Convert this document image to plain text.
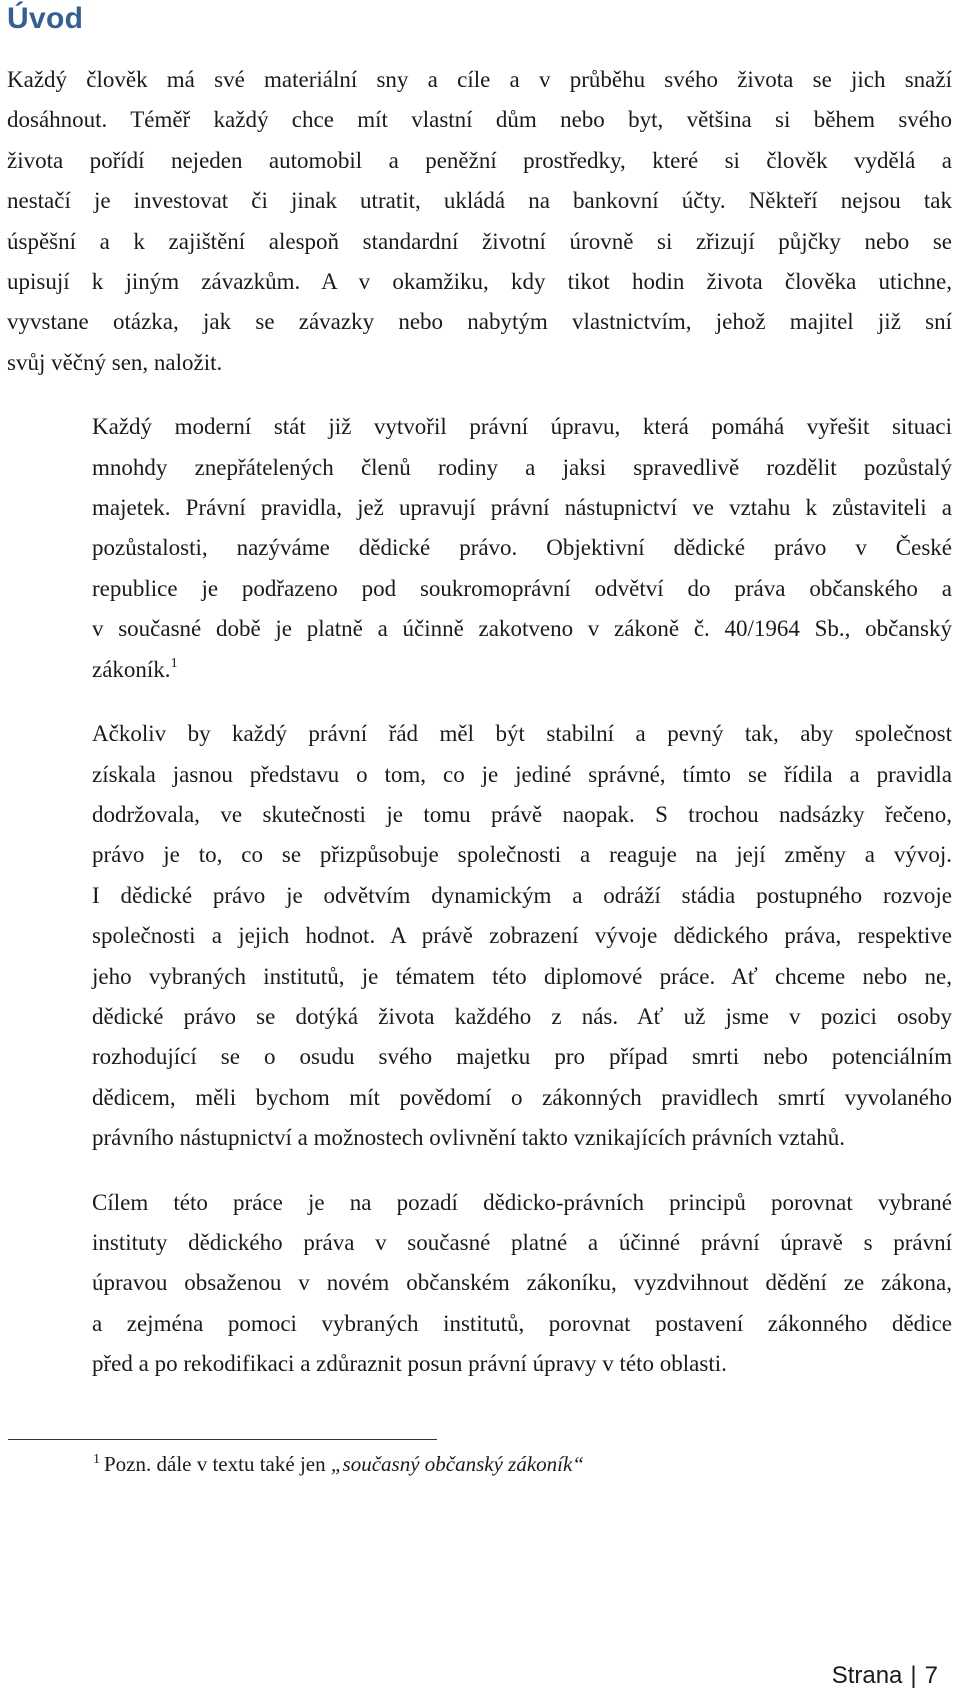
Úvod

Každý člověk má své materiální sny a cíle a v průběhu svého života se jich snaží
dosáhnout. Téměř každý chce mít vlastní dům nebo byt, většina si během svého
života pořídí nejeden automobil a peněžní prostředky, které si člověk vydělá a
nestačí je investovat či jinak utratit, ukládá na bankovní účty. Někteří nejsou tak
úspěšní a k zajištění alespoň standardní životní úrovně si zřizují půjčky nebo se
upisují k jiným závazkům. A v okamžiku, kdy tikot hodin života člověka utichne,
vyvstane otázka, jak se závazky nebo nabytým vlastnictvím, jehož majitel již sní
svůj věčný sen, naložit.

Každý moderní stát již vytvořil právní úpravu, která pomáhá vyřešit situaci
mnohdy znepřátelených členů rodiny a jaksi spravedlivě rozdělit pozůstalý
majetek. Právní pravidla, jež upravují právní nástupnictví ve vztahu k zůstaviteli a
pozůstalosti, nazýváme dědické právo. Objektivní dědické právo v České
republice je podřazeno pod soukromoprávní odvětví do práva občanského a
v současné době je platně a účinně zakotveno v zákoně č. 40/1964 Sb., občanský
zákoník.$^1$

Ačkoliv by každý právní řád měl být stabilní a pevný tak, aby společnost
získala jasnou představu o tom, co je jediné správné, tímto se řídila a pravidla
dodržovala, ve skutečnosti je tomu právě naopak. S trochou nadsázky řečeno,
právo je to, co se přizpůsobuje společnosti a reaguje na její změny a vývoj.
I dědické právo je odvětvím dynamickým a odráží stádia postupného rozvoje
společnosti a jejich hodnot. A právě zobrazení vývoje dědického práva, respektive
jeho vybraných institutů, je tématem této diplomové práce. Ať chceme nebo ne,
dědické právo se dotýká života každého z nás. Ať už jsme v pozici osoby
rozhodující se o osudu svého majetku pro případ smrti nebo potenciálním
dědicem, měli bychom mít povědomí o zákonných pravidlech smrtí vyvolaného
právního nástupnictví a možnostech ovlivnění takto vznikajících právních vztahů.

Cílem této práce je na pozadí dědicko-právních principů porovnat vybrané
instituty dědického práva v současné platné a účinné právní úpravě s právní
úpravou obsaženou v novém občanském zákoníku, vyzdvihnout dědění ze zákona,
a zejména pomoci vybraných institutů, porovnat postavení zákonného dědice
před a po rekodifikaci a zdůraznit posun právní úpravy v této oblasti.

$^1$ Pozn. dále v textu také jen „současný občanský zákoník“
Strana | 7
